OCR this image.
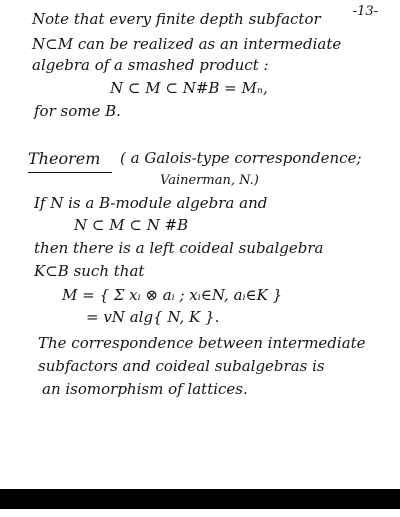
-13-
Note that every finite depth subfactor
N⊂M can be realized as an intermediate
algebra of a smashed product :
N ⊂ M ⊂ N#B = Mₙ,
for some B.
Theorem ( a Galois-type correspondence;
Vainerman, N.)
If N is a B-module algebra and
N ⊂ M ⊂ N #B
then there is a left coideal subalgebra
K⊂B such that
M = { Σ xᵢ ⊗ aᵢ ; xᵢ∈N, aᵢ∈K }
= vN alg{ N, K }.
The correspondence between intermediate
subfactors and coideal subalgebras is
an isomorphism of lattices.
